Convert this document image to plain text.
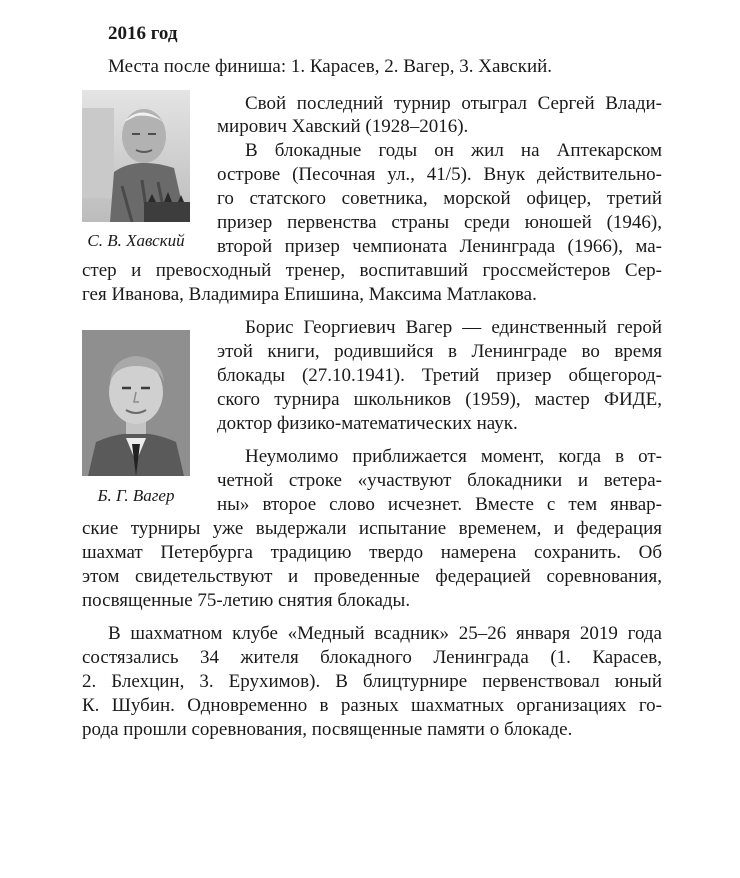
2016 год

Места после финиша: 1. Карасев, 2. Вагер, 3. Хавский.

С. В. Хавский

Б. Г. Вагер

Свой последний турнир отыграл Сергей Влади-

мирович Хавский (1928–2016).

В блокадные годы он жил на Аптекарском

острове (Песочная ул., 41/5). Внук действительно-

го статского советника, морской офицер, третий

призер первенства страны среди юношей (1946),

второй призер чемпионата Ленинграда (1966), ма-

стер и превосходный тренер, воспитавший гроссмейстеров Сер-

гея Иванова, Владимира Епишина, Максима Матлакова.

Борис Георгиевич Вагер — единственный герой

этой книги, родившийся в Ленинграде во время

блокады (27.10.1941). Третий призер общегород-

ского турнира школьников (1959), мастер ФИДЕ,

доктор физико-математических наук.

Неумолимо приближается момент, когда в от-

четной строке «участвуют блокадники и ветера-

ны» второе слово исчезнет. Вместе с тем январ-

ские турниры уже выдержали испытание временем, и федерация

шахмат Петербурга традицию твердо намерена сохранить. Об

этом свидетельствуют и проведенные федерацией соревнования,

посвященные 75-летию снятия блокады.

В шахматном клубе «Медный всадник» 25–26 января 2019 года

состязались 34 жителя блокадного Ленинграда (1. Карасев,

2. Блехцин, 3. Ерухимов). В блицтурнире первенствовал юный

К. Шубин. Одновременно в разных шахматных организациях го-

рода прошли соревнования, посвященные памяти о блокаде.
